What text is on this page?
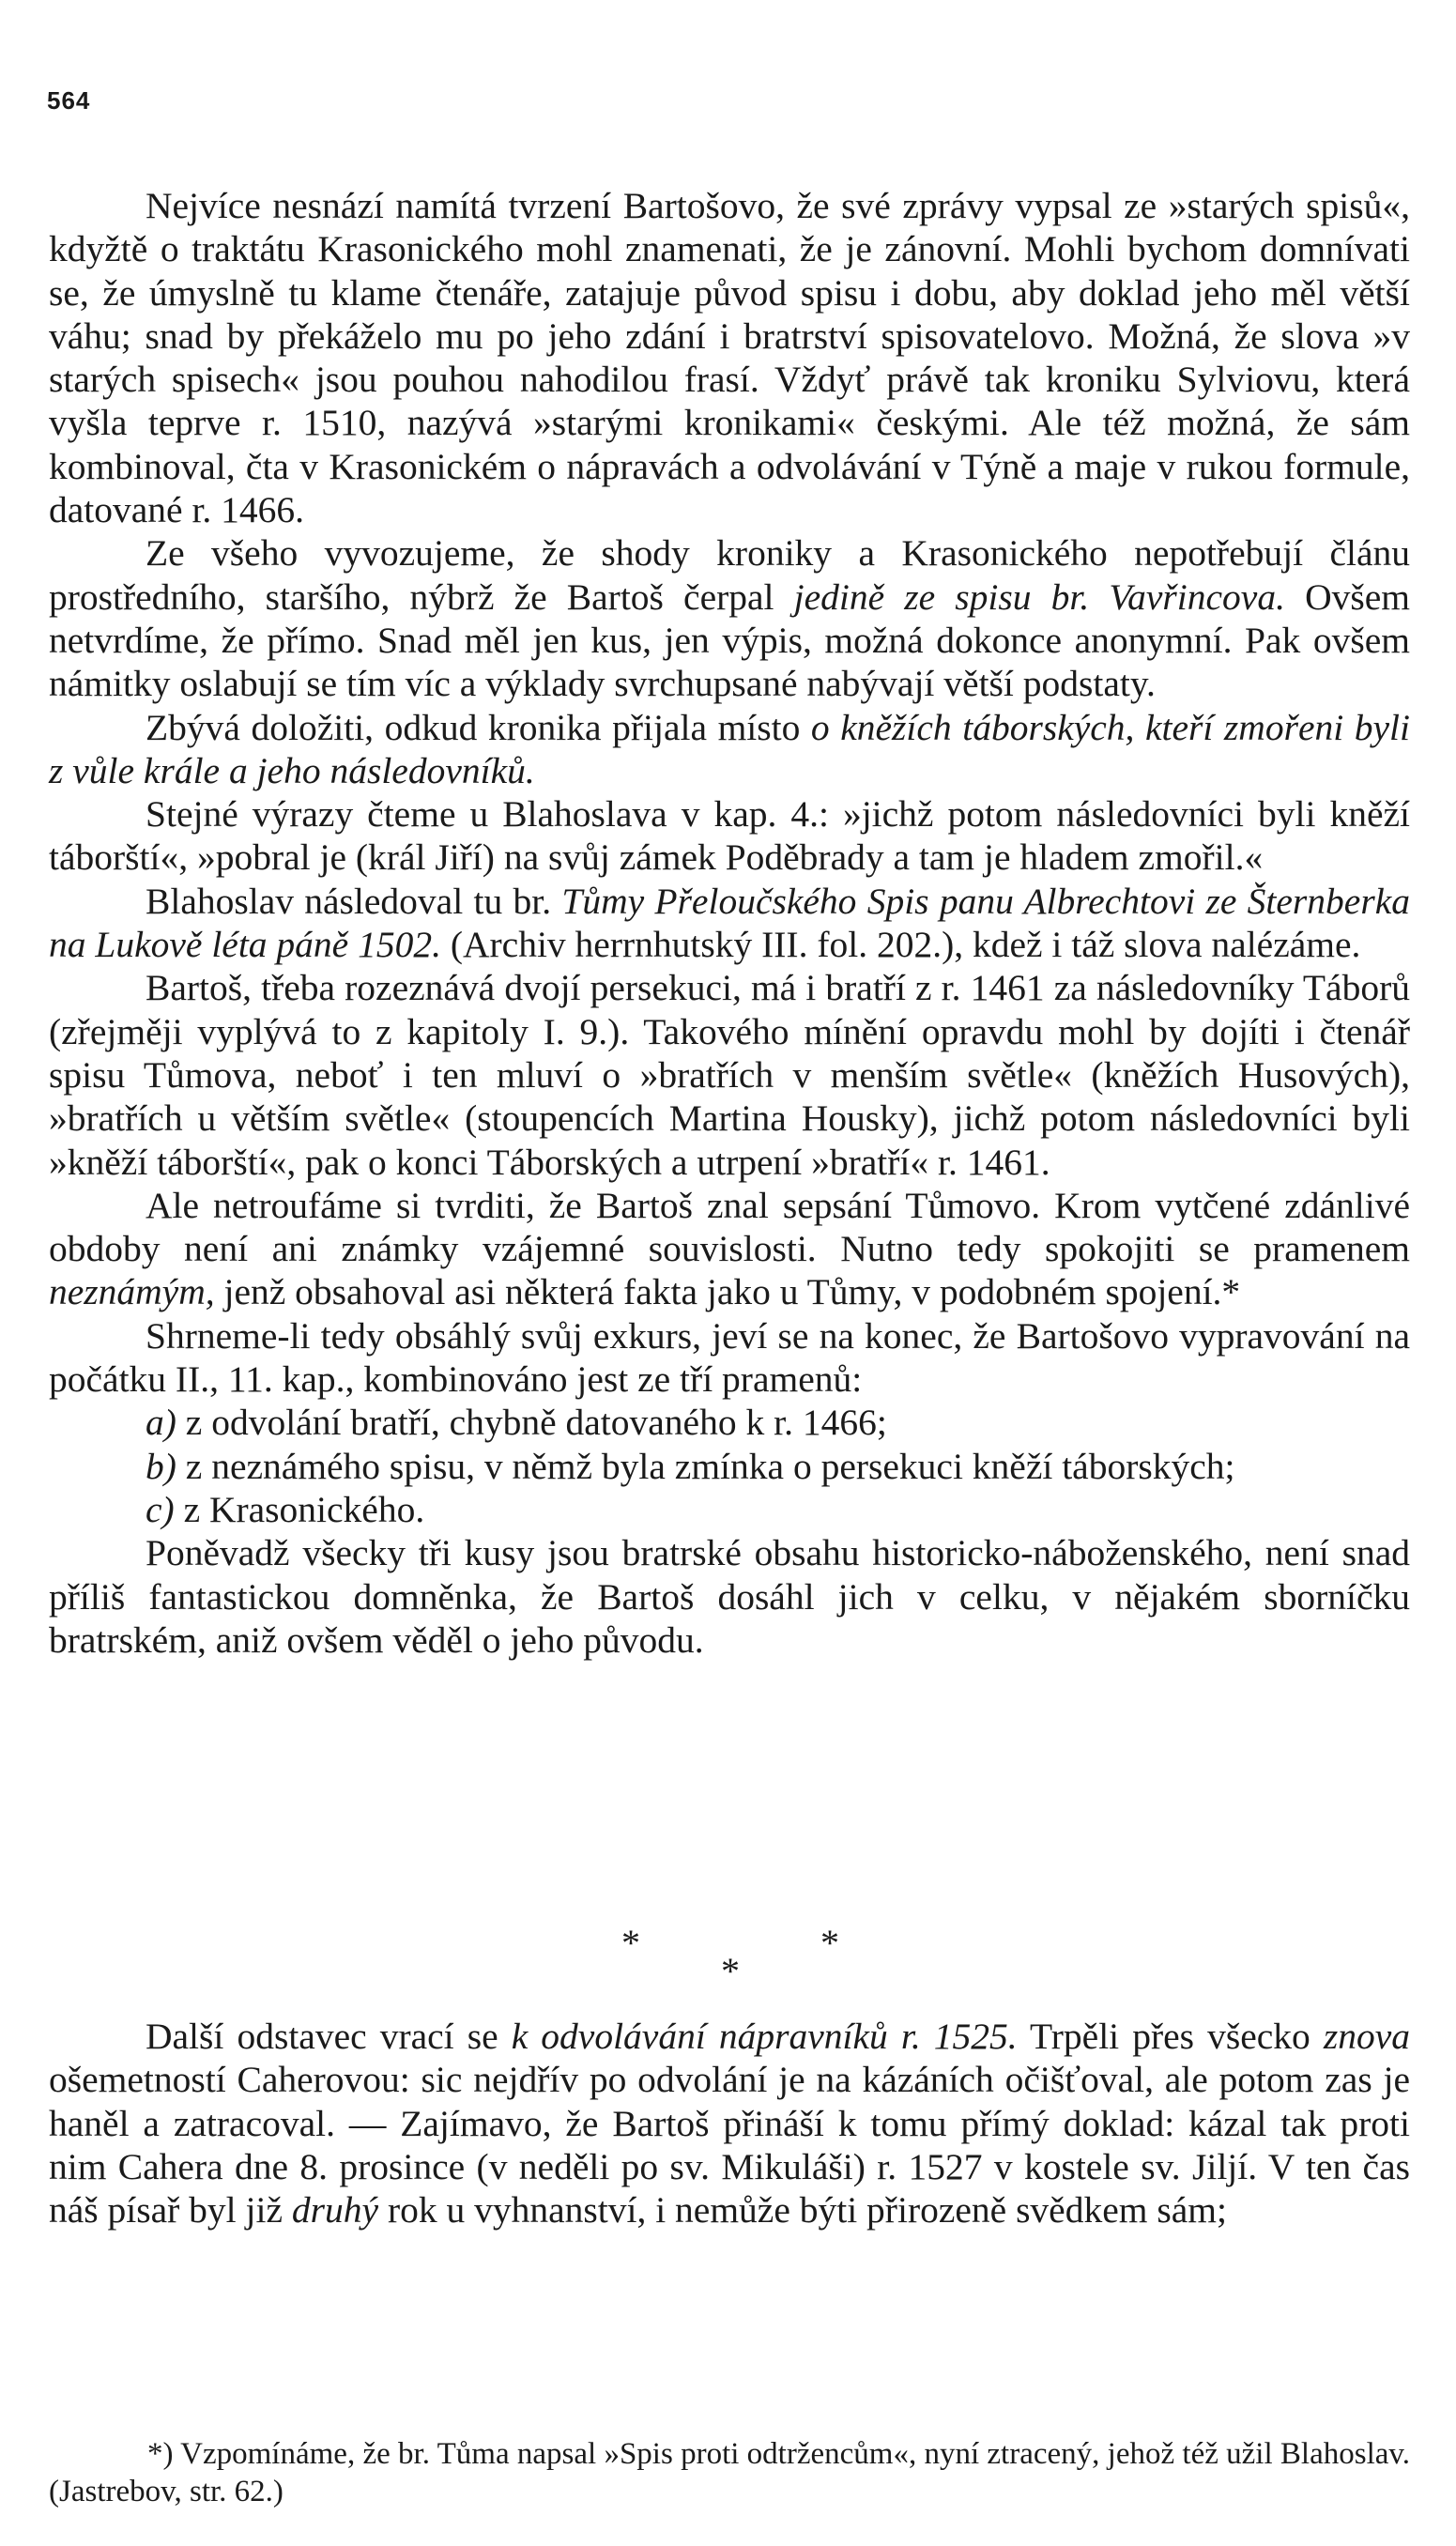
564

Nejvíce nesnází namítá tvrzení Bartošovo, že své zprávy vypsal ze »starých spisů«, kdyžtě o traktátu Krasonického mohl znamenati, že je zánovní. Mohli bychom domnívati se, že úmyslně tu klame čtenáře, zatajuje původ spisu i dobu, aby doklad jeho měl větší váhu; snad by překáželo mu po jeho zdání i bratrství spisovatelovo. Možná, že slova »v starých spisech« jsou pouhou nahodilou frasí. Vždyť právě tak kroniku Sylviovu, která vyšla teprve r. 1510, nazývá »starými kronikami« českými. Ale též možná, že sám kombinoval, čta v Krasonickém o nápravách a odvolávání v Týně a maje v rukou formule, datované r. 1466.

Ze všeho vyvozujeme, že shody kroniky a Krasonického nepotřebují článu prostředního, staršího, nýbrž že Bartoš čerpal jedině ze spisu br. Vavřincova. Ovšem netvrdíme, že přímo. Snad měl jen kus, jen výpis, možná dokonce anonymní. Pak ovšem námitky oslabují se tím víc a výklady svrchupsané nabývají větší podstaty.

Zbývá doložiti, odkud kronika přijala místo o kněžích táborských, kteří zmořeni byli z vůle krále a jeho následovníků.

Stejné výrazy čteme u Blahoslava v kap. 4.: »jichž potom následovníci byli kněží táborští«, »pobral je (král Jiří) na svůj zámek Poděbrady a tam je hladem zmořil.«

Blahoslav následoval tu br. Tůmy Přeloučského Spis panu Albrechtovi ze Šternberka na Lukově léta páně 1502. (Archiv herrnhutský III. fol. 202.), kdež i táž slova nalézáme.

Bartoš, třeba rozeznává dvojí persekuci, má i bratří z r. 1461 za následovníky Táborů (zřejměji vyplývá to z kapitoly I. 9.). Takového mínění opravdu mohl by dojíti i čtenář spisu Tůmova, neboť i ten mluví o »bratřích v menším světle« (kněžích Husových), »bratřích u větším světle« (stoupencích Martina Housky), jichž potom následovníci byli »kněží táborští«, pak o konci Táborských a utrpení »bratří« r. 1461.

Ale netroufáme si tvrditi, že Bartoš znal sepsání Tůmovo. Krom vytčené zdánlivé obdoby není ani známky vzájemné souvislosti. Nutno tedy spokojiti se pramenem neznámým, jenž obsahoval asi některá fakta jako u Tůmy, v podobném spojení.*

Shrneme-li tedy obsáhlý svůj exkurs, jeví se na konec, že Bartošovo vypravování na počátku II., 11. kap., kombinováno jest ze tří pramenů:

a) z odvolání bratří, chybně datovaného k r. 1466;

b) z neznámého spisu, v němž byla zmínka o persekuci kněží táborských;

c) z Krasonického.

Poněvadž všecky tři kusy jsou bratrské obsahu historicko-náboženského, není snad příliš fantastickou domněnka, že Bartoš dosáhl jich v celku, v nějakém sborníčku bratrském, aniž ovšem věděl o jeho původu.

*	*
*

Další odstavec vrací se k odvolávání nápravníků r. 1525. Trpěli přes všecko znova ošemetností Caherovou: sic nejdřív po odvolání je na kázáních očišťoval, ale potom zas je haněl a zatracoval. — Zajímavo, že Bartoš přináší k tomu přímý doklad: kázal tak proti nim Cahera dne 8. prosince (v neděli po sv. Mikuláši) r. 1527 v kostele sv. Jiljí. V ten čas náš písař byl již druhý rok u vyhnanství, i nemůže býti přirozeně svědkem sám;

*) Vzpomínáme, že br. Tůma napsal »Spis proti odtržencům«, nyní ztracený, jehož též užil Blahoslav. (Jastrebov, str. 62.)
